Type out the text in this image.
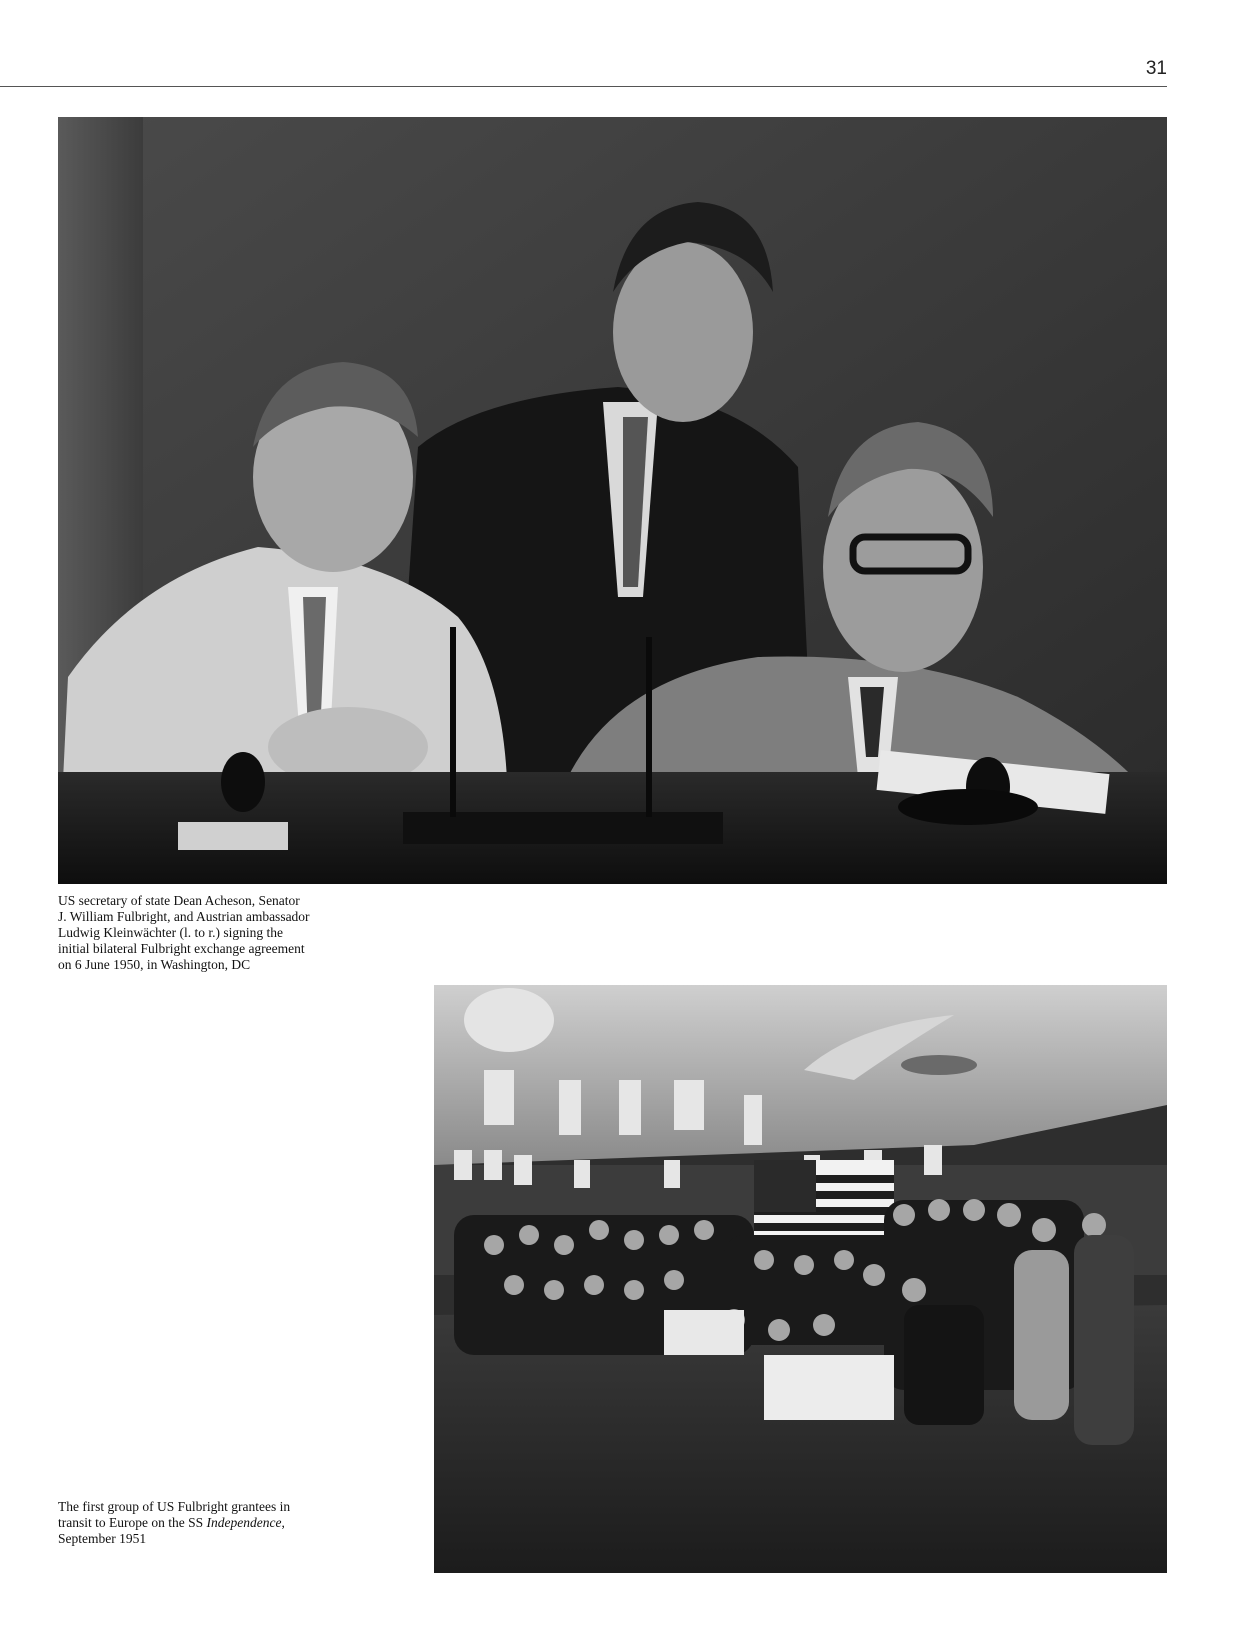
31

US secretary of state Dean Acheson, Senator
J. William Fulbright, and Austrian ambassador
Ludwig Kleinwächter (l. to r.) signing the
initial bilateral Fulbright exchange agreement
on 6 June 1950, in Washington, DC

The first group of US Fulbright grantees in
transit to Europe on the SS Independence,
September 1951
